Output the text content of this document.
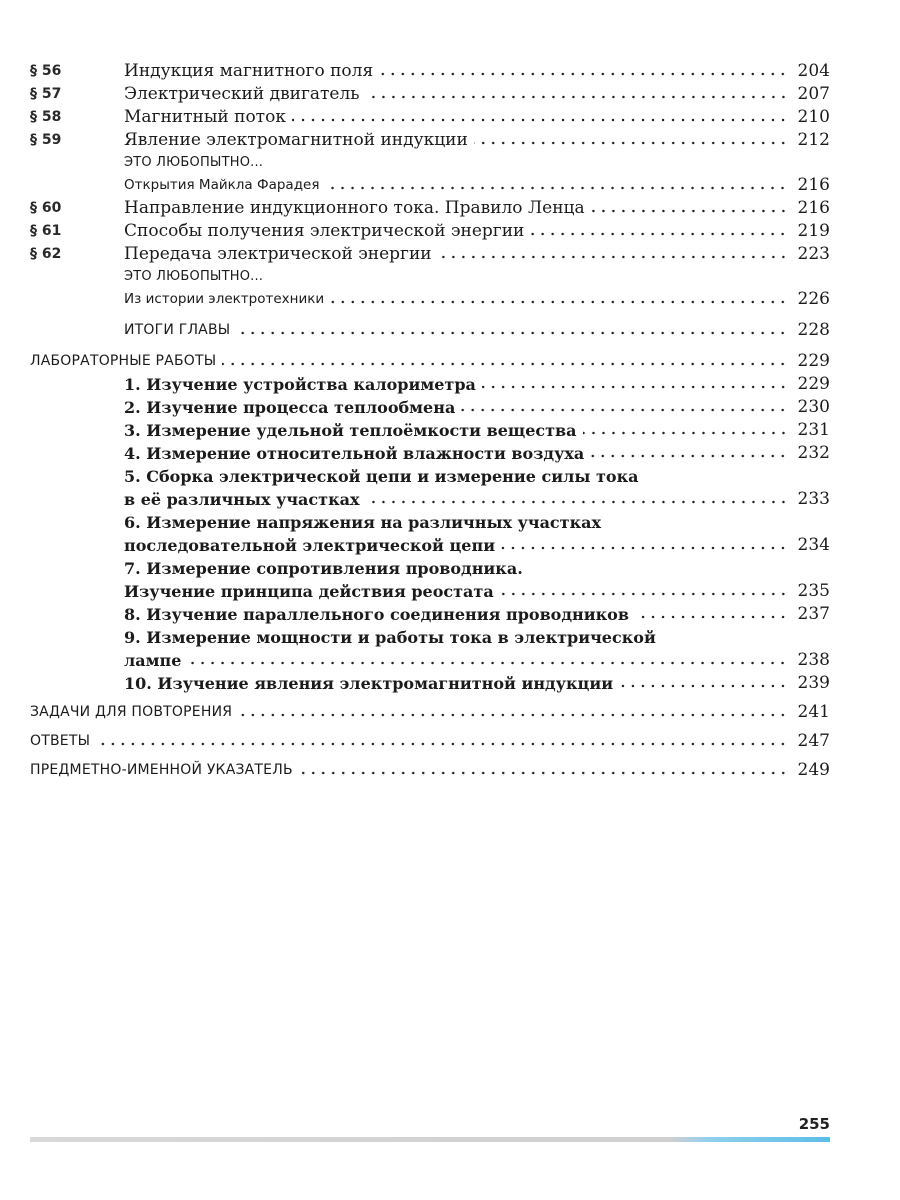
§ 56	Индукция магнитного поля	204
§ 57	Электрический двигатель	207
§ 58	Магнитный поток	210
§ 59	Явление электромагнитной индукции	212
ЭТО ЛЮБОПЫТНО...
Открытия Майкла Фарадея	216
§ 60	Направление индукционного тока. Правило Ленца	216
§ 61	Способы получения электрической энергии	219
§ 62	Передача электрической энергии	223
ЭТО ЛЮБОПЫТНО...
Из истории электротехники	226
ИТОГИ ГЛАВЫ	228
ЛАБОРАТОРНЫЕ РАБОТЫ	229
1. Изучение устройства калориметра	229
2. Изучение процесса теплообмена	230
3. Измерение удельной теплоёмкости вещества	231
4. Измерение относительной влажности воздуха	232
5. Сборка электрической цепи и измерение силы тока
в её различных участках	233
6. Измерение напряжения на различных участках
последовательной электрической цепи	234
7. Измерение сопротивления проводника.
Изучение принципа действия реостата	235
8. Изучение параллельного соединения проводников	237
9. Измерение мощности и работы тока в электрической
лампе	238
10. Изучение явления электромагнитной индукции	239
ЗАДАЧИ ДЛЯ ПОВТОРЕНИЯ	241
ОТВЕТЫ	247
ПРЕДМЕТНО-ИМЕННОЙ УКАЗАТЕЛЬ	249
255
